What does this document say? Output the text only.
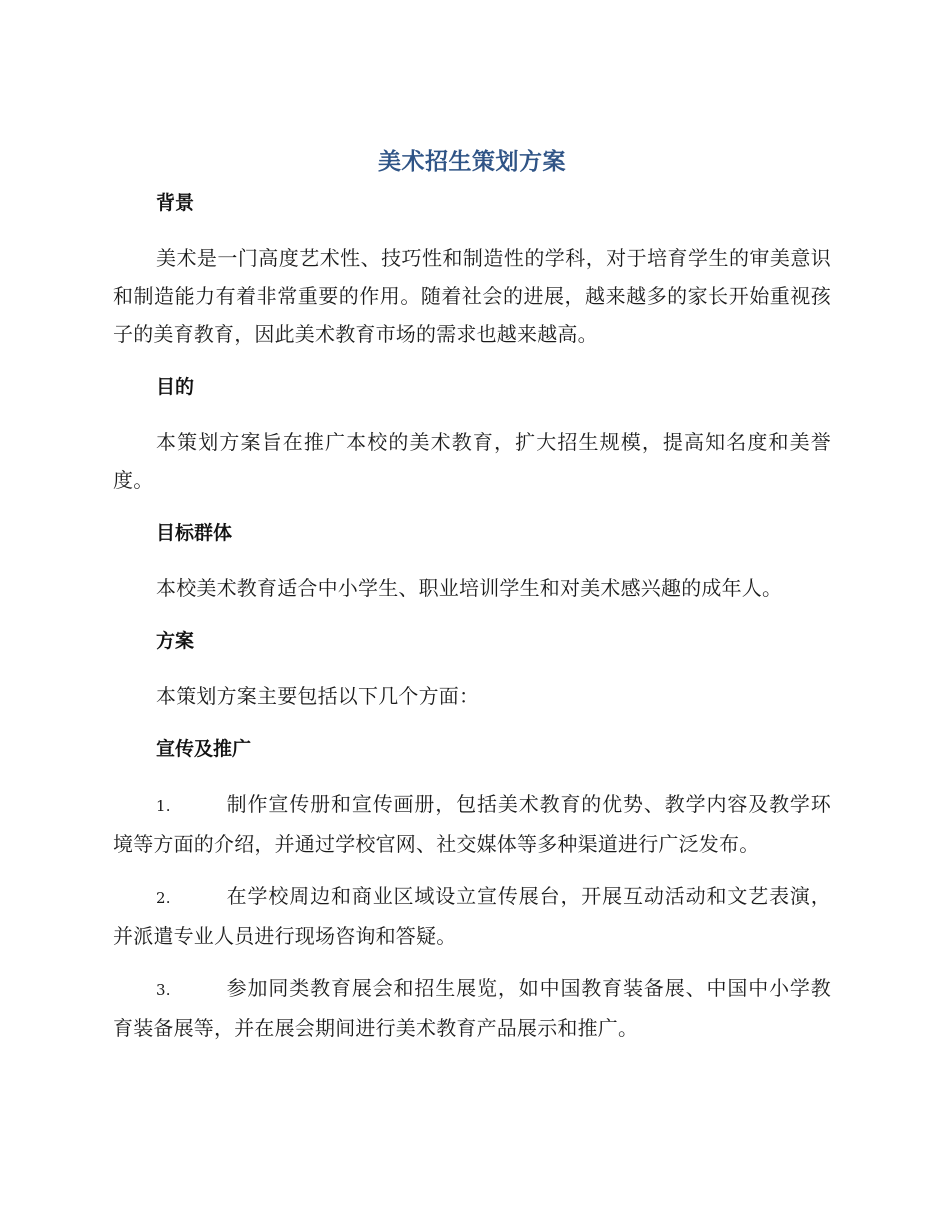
美术招生策划方案
背景

美术是一门高度艺术性、技巧性和制造性的学科，对于培育学生的审美意识和制造能力有着非常重要的作用。随着社会的进展，越来越多的家长开始重视孩子的美育教育，因此美术教育市场的需求也越来越高。

目的

本策划方案旨在推广本校的美术教育，扩大招生规模，提高知名度和美誉度。

目标群体

本校美术教育适合中小学生、职业培训学生和对美术感兴趣的成年人。

方案

本策划方案主要包括以下几个方面：

宣传及推广

1.	制作宣传册和宣传画册，包括美术教育的优势、教学内容及教学环境等方面的介绍，并通过学校官网、社交媒体等多种渠道进行广泛发布。

2.	在学校周边和商业区域设立宣传展台，开展互动活动和文艺表演，并派遣专业人员进行现场咨询和答疑。

3.	参加同类教育展会和招生展览，如中国教育装备展、中国中小学教育装备展等，并在展会期间进行美术教育产品展示和推广。
